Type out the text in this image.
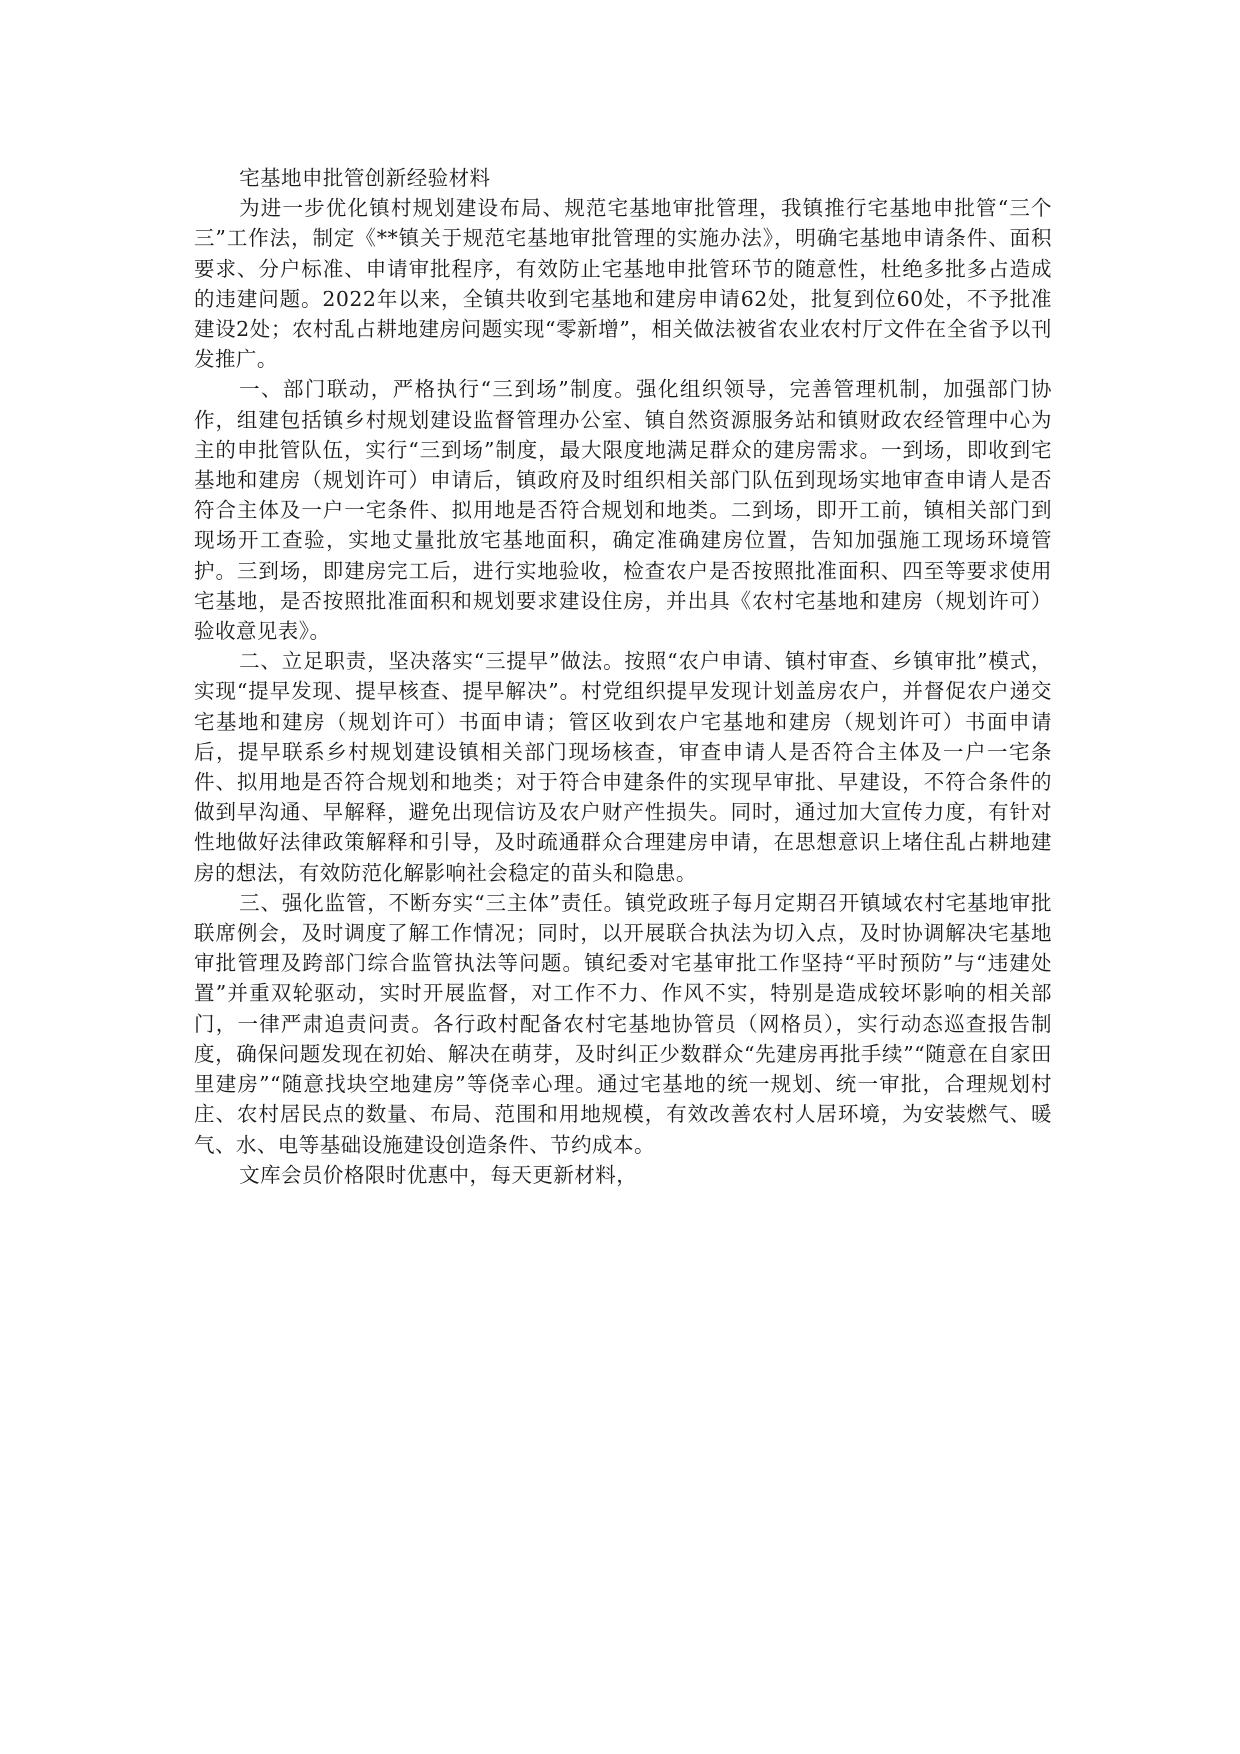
宅基地申批管创新经验材料

为进一步优化镇村规划建设布局、规范宅基地审批管理，我镇推行宅基地申批管“三个三”工作法，制定《**镇关于规范宅基地审批管理的实施办法》，明确宅基地申请条件、面积要求、分户标准、申请审批程序，有效防止宅基地申批管环节的随意性，杜绝多批多占造成的违建问题。2022年以来，全镇共收到宅基地和建房申请62处，批复到位60处，不予批准建设2处；农村乱占耕地建房问题实现“零新增”，相关做法被省农业农村厅文件在全省予以刊发推广。

一、部门联动，严格执行“三到场”制度。强化组织领导，完善管理机制，加强部门协作，组建包括镇乡村规划建设监督管理办公室、镇自然资源服务站和镇财政农经管理中心为主的申批管队伍，实行“三到场”制度，最大限度地满足群众的建房需求。一到场，即收到宅基地和建房（规划许可）申请后，镇政府及时组织相关部门队伍到现场实地审查申请人是否符合主体及一户一宅条件、拟用地是否符合规划和地类。二到场，即开工前，镇相关部门到现场开工查验，实地丈量批放宅基地面积，确定准确建房位置，告知加强施工现场环境管护。三到场，即建房完工后，进行实地验收，检查农户是否按照批准面积、四至等要求使用宅基地，是否按照批准面积和规划要求建设住房，并出具《农村宅基地和建房（规划许可）验收意见表》。

二、立足职责，坚决落实“三提早”做法。按照“农户申请、镇村审查、乡镇审批”模式，实现“提早发现、提早核查、提早解决”。村党组织提早发现计划盖房农户，并督促农户递交宅基地和建房（规划许可）书面申请；管区收到农户宅基地和建房（规划许可）书面申请后，提早联系乡村规划建设镇相关部门现场核查，审查申请人是否符合主体及一户一宅条件、拟用地是否符合规划和地类；对于符合申建条件的实现早审批、早建设，不符合条件的做到早沟通、早解释，避免出现信访及农户财产性损失。同时，通过加大宣传力度，有针对性地做好法律政策解释和引导，及时疏通群众合理建房申请，在思想意识上堵住乱占耕地建房的想法，有效防范化解影响社会稳定的苗头和隐患。

三、强化监管，不断夯实“三主体”责任。镇党政班子每月定期召开镇域农村宅基地审批联席例会，及时调度了解工作情况；同时，以开展联合执法为切入点，及时协调解决宅基地审批管理及跨部门综合监管执法等问题。镇纪委对宅基审批工作坚持“平时预防”与“违建处置”并重双轮驱动，实时开展监督，对工作不力、作风不实，特别是造成较坏影响的相关部门，一律严肃追责问责。各行政村配备农村宅基地协管员（网格员），实行动态巡查报告制度，确保问题发现在初始、解决在萌芽，及时纠正少数群众“先建房再批手续”“随意在自家田里建房”“随意找块空地建房”等侥幸心理。通过宅基地的统一规划、统一审批，合理规划村庄、农村居民点的数量、布局、范围和用地规模，有效改善农村人居环境，为安装燃气、暖气、水、电等基础设施建设创造条件、节约成本。

文库会员价格限时优惠中，每天更新材料，
